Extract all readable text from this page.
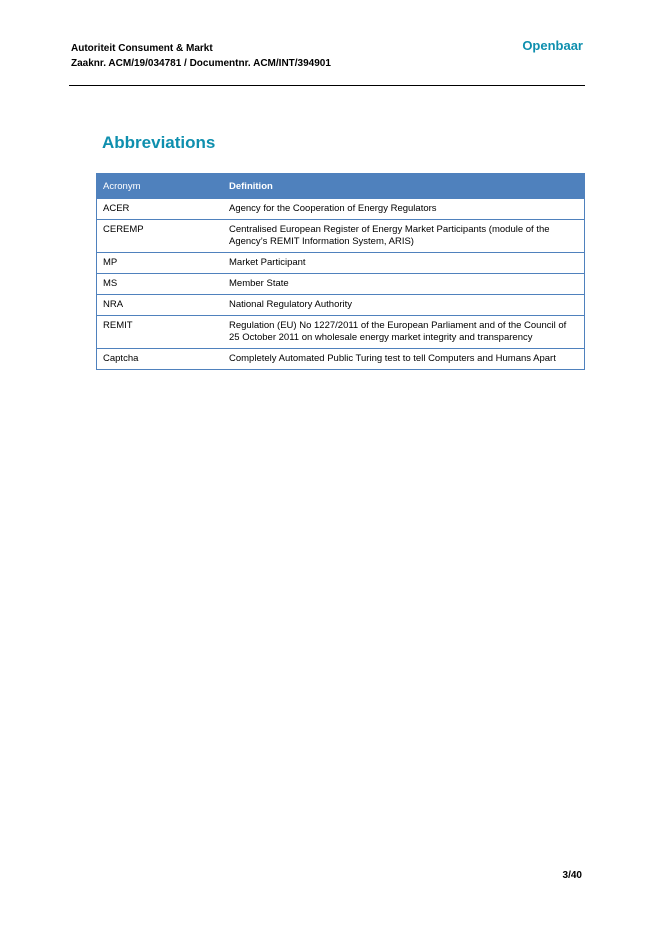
Autoriteit Consument & Markt
Zaaknr. ACM/19/034781 / Documentnr. ACM/INT/394901
Openbaar
Abbreviations
Acronym	Definition
ACER	Agency for the Cooperation of Energy Regulators
CEREMP	Centralised European Register of Energy Market Participants (module of the Agency’s REMIT Information System, ARIS)
MP	Market Participant
MS	Member State
NRA	National Regulatory Authority
REMIT	Regulation (EU) No 1227/2011 of the European Parliament and of the Council of 25 October 2011 on wholesale energy market integrity and transparency
Captcha	Completely Automated Public Turing test to tell Computers and Humans Apart
3/40
